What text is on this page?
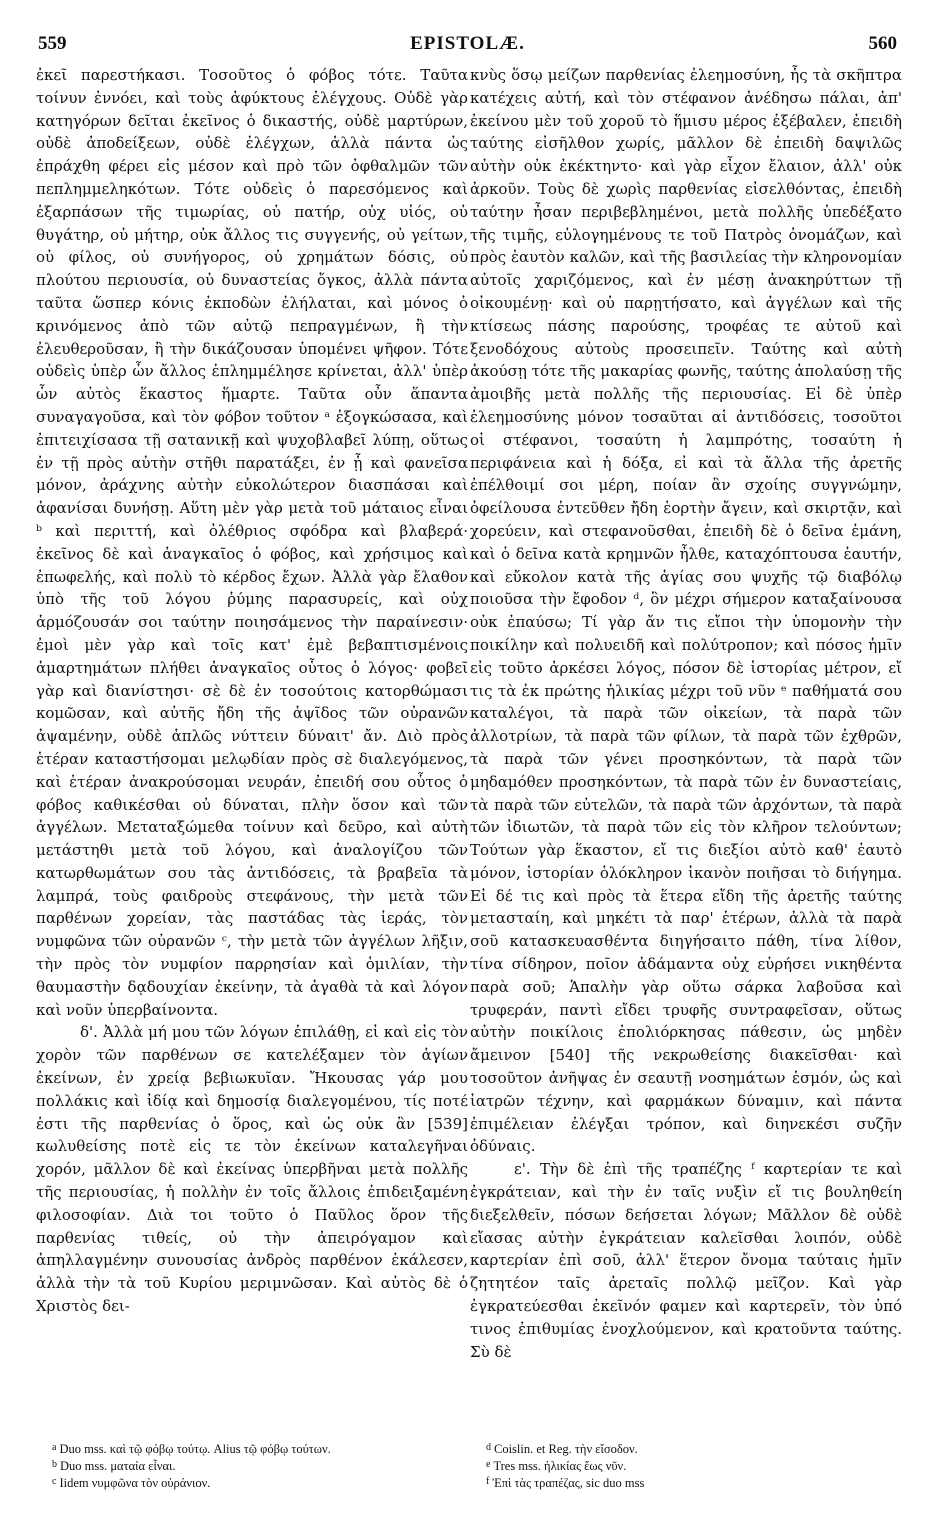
559	EPISTOLÆ.	560

ἐκεῖ παρεστήκασι. Τοσοῦτος ὁ φόβος τότε. Ταῦτα τοίνυν ἐννόει, καὶ τοὺς ἀφύκτους ἐλέγχους. Οὐδὲ γὰρ κατηγόρων δεῖται ἐκεῖνος ὁ δικαστής, οὐδὲ μαρτύρων, οὐδὲ ἀποδείξεων, οὐδὲ ἐλέγχων, ἀλλὰ πάντα ὡς ἐπράχθη φέρει εἰς μέσον καὶ πρὸ τῶν ὀφθαλμῶν τῶν πεπλημμεληκότων. Τότε οὐδεὶς ὁ παρεσόμενος καὶ ἐξαρπάσων τῆς τιμωρίας, οὐ πατήρ, οὐχ υἱός, οὐ θυγάτηρ, οὐ μήτηρ, οὐκ ἄλλος τις συγγενής, οὐ γείτων, οὐ φίλος, οὐ συνήγορος, οὐ χρημάτων δόσις, οὐ πλούτου περιουσία, οὐ δυναστείας ὄγκος, ἀλλὰ πάντα ταῦτα ὥσπερ κόνις ἐκποδὼν ἐλήλαται, καὶ μόνος ὁ κρινόμενος ἀπὸ τῶν αὐτῷ πεπραγμένων, ἢ τὴν ἐλευθεροῦσαν, ἢ τὴν δικάζουσαν ὑπομένει ψῆφον. Τότε οὐδεὶς ὑπὲρ ὧν ἄλλος ἐπλημμέλησε κρίνεται, ἀλλ' ὑπὲρ ὧν αὐτὸς ἕκαστος ἥμαρτε. Ταῦτα οὖν ἅπαντα συναγαγοῦσα, καὶ τὸν φόβον τοῦτον ᵃ ἐξογκώσασα, καὶ ἐπιτειχίσασα τῇ σατανικῇ καὶ ψυχοβλαβεῖ λύπῃ, οὕτως ἐν τῇ πρὸς αὐτὴν στῆθι παρατάξει, ἐν ᾗ καὶ φανεῖσα μόνον, ἀράχνης αὐτὴν εὐκολώτερον διασπάσαι καὶ ἀφανίσαι δυνήσῃ. Αὕτη μὲν γὰρ μετὰ τοῦ μάταιος εἶναι ᵇ καὶ περιττή, καὶ ὀλέθριος σφόδρα καὶ βλαβερά· ἐκεῖνος δὲ καὶ ἀναγκαῖος ὁ φόβος, καὶ χρήσιμος καὶ ἐπωφελής, καὶ πολὺ τὸ κέρδος ἔχων. Ἀλλὰ γὰρ ἔλαθον ὑπὸ τῆς τοῦ λόγου ῥύμης παρασυρείς, καὶ οὐχ ἁρμόζουσάν σοι ταύτην ποιησάμενος τὴν παραίνεσιν· ἐμοὶ μὲν γὰρ καὶ τοῖς κατ' ἐμὲ βεβαπτισμένοις ἁμαρτημάτων πλήθει ἀναγκαῖος οὗτος ὁ λόγος· φοβεῖ γὰρ καὶ διανίστησι· σὲ δὲ ἐν τοσούτοις κατορθώμασι κομῶσαν, καὶ αὐτῆς ἤδη τῆς ἁψῖδος τῶν οὐρανῶν ἀψαμένην, οὐδὲ ἁπλῶς νύττειν δύναιτ' ἄν. Διὸ πρὸς ἑτέραν καταστήσομαι μελῳδίαν πρὸς σὲ διαλεγόμενος, καὶ ἑτέραν ἀνακρούσομαι νευράν, ἐπειδή σου οὗτος ὁ φόβος καθικέσθαι οὐ δύναται, πλὴν ὅσον καὶ τῶν ἀγγέλων. Μεταταξώμεθα τοίνυν καὶ δεῦρο, καὶ αὐτὴ μετάστηθι μετὰ τοῦ λόγου, καὶ ἀναλογίζου τῶν κατωρθωμάτων σου τὰς ἀντιδόσεις, τὰ βραβεῖα τὰ λαμπρά, τοὺς φαιδροὺς στεφάνους, τὴν μετὰ τῶν παρθένων χορείαν, τὰς παστάδας τὰς ἱεράς, τὸν νυμφῶνα τῶν οὐρανῶν ᶜ, τὴν μετὰ τῶν ἀγγέλων λῆξιν, τὴν πρὸς τὸν νυμφίον παρρησίαν καὶ ὁμιλίαν, τὴν θαυμαστὴν δᾳδουχίαν ἐκείνην, τὰ ἀγαθὰ τὰ καὶ λόγον καὶ νοῦν ὑπερβαίνοντα.

δ'. Ἀλλὰ μή μου τῶν λόγων ἐπιλάθῃ, εἰ καὶ εἰς τὸν χορὸν τῶν παρθένων σε κατελέξαμεν τὸν ἁγίων ἐκείνων, ἐν χρείᾳ βεβιωκυῖαν. Ἤκουσας γάρ μου πολλάκις καὶ ἰδίᾳ καὶ δημοσίᾳ διαλεγομένου, τίς ποτέ ἐστι τῆς παρθενίας ὁ ὅρος, καὶ ὡς οὐκ ἂν [539] κωλυθείσης ποτὲ εἰς τε τὸν ἐκείνων καταλεγῆναι χορόν, μᾶλλον δὲ καὶ ἐκείνας ὑπερβῆναι μετὰ πολλῆς τῆς περιουσίας, ἡ πολλὴν ἐν τοῖς ἄλλοις ἐπιδειξαμένη φιλοσοφίαν. Διὰ τοι τοῦτο ὁ Παῦλος ὅρον τῆς παρθενίας τιθείς, οὐ τὴν ἀπειρόγαμον καὶ ἀπηλλαγμένην συνουσίας ἀνδρὸς παρθένον ἐκάλεσεν, ἀλλὰ τὴν τὰ τοῦ Κυρίου μεριμνῶσαν. Καὶ αὐτὸς δὲ ὁ Χριστὸς δει-

κνὺς ὅσῳ μείζων παρθενίας ἐλεημοσύνη, ἧς τὰ σκῆπτρα κατέχεις αὐτή, καὶ τὸν στέφανον ἀνέδησω πάλαι, ἀπ' ἐκείνου μὲν τοῦ χοροῦ τὸ ἥμισυ μέρος ἐξέβαλεν, ἐπειδὴ ταύτης εἰσῆλθον χωρίς, μᾶλλον δὲ ἐπειδὴ δαψιλῶς αὐτὴν οὐκ ἐκέκτηντο· καὶ γὰρ εἶχον ἔλαιον, ἀλλ' οὐκ ἀρκοῦν. Τοὺς δὲ χωρὶς παρθενίας εἰσελθόντας, ἐπειδὴ ταύτην ἦσαν περιβεβλημένοι, μετὰ πολλῆς ὑπεδέξατο τῆς τιμῆς, εὐλογημένους τε τοῦ Πατρὸς ὀνομάζων, καὶ πρὸς ἑαυτὸν καλῶν, καὶ τῆς βασιλείας τὴν κληρονομίαν αὐτοῖς χαριζόμενος, καὶ ἐν μέσῃ ἀνακηρύττων τῇ οἰκουμένῃ· καὶ οὐ παρῃτήσατο, καὶ ἀγγέλων καὶ τῆς κτίσεως πάσης παρούσης, τροφέας τε αὐτοῦ καὶ ξενοδόχους αὐτοὺς προσειπεῖν. Ταύτης καὶ αὐτὴ ἀκούσῃ τότε τῆς μακαρίας φωνῆς, ταύτης ἀπολαύσῃ τῆς ἀμοιβῆς μετὰ πολλῆς τῆς περιουσίας. Εἰ δὲ ὑπὲρ ἐλεημοσύνης μόνον τοσαῦται αἱ ἀντιδόσεις, τοσοῦτοι οἱ στέφανοι, τοσαύτη ἡ λαμπρότης, τοσαύτη ἡ περιφάνεια καὶ ἡ δόξα, εἰ καὶ τὰ ἄλλα τῆς ἀρετῆς ἐπέλθοιμί σοι μέρη, ποίαν ἂν σχοίης συγγνώμην, ὀφείλουσα ἐντεῦθεν ἤδη ἑορτὴν ἄγειν, καὶ σκιρτᾷν, καὶ χορεύειν, καὶ στεφανοῦσθαι, ἐπειδὴ δὲ ὁ δεῖνα ἐμάνη, καὶ ὁ δεῖνα κατὰ κρημνῶν ἦλθε, καταχόπτουσα ἑαυτήν, καὶ εὔκολον κατὰ τῆς ἁγίας σου ψυχῆς τῷ διαβόλῳ ποιοῦσα τὴν ἔφοδον ᵈ, ὃν μέχρι σήμερον καταξαίνουσα οὐκ ἐπαύσω; Τί γὰρ ἄν τις εἴποι τὴν ὑπομονὴν τὴν ποικίλην καὶ πολυειδῆ καὶ πολύτροπον; καὶ πόσος ἡμῖν εἰς τοῦτο ἀρκέσει λόγος, πόσον δὲ ἱστορίας μέτρον, εἴ τις τὰ ἐκ πρώτης ἡλικίας μέχρι τοῦ νῦν ᵉ παθήματά σου καταλέγοι, τὰ παρὰ τῶν οἰκείων, τὰ παρὰ τῶν ἀλλοτρίων, τὰ παρὰ τῶν φίλων, τὰ παρὰ τῶν ἐχθρῶν, τὰ παρὰ τῶν γένει προσηκόντων, τὰ παρὰ τῶν μηδαμόθεν προσηκόντων, τὰ παρὰ τῶν ἐν δυναστείαις, τὰ παρὰ τῶν εὐτελῶν, τὰ παρὰ τῶν ἀρχόντων, τὰ παρὰ τῶν ἰδιωτῶν, τὰ παρὰ τῶν εἰς τὸν κλῆρον τελούντων; Τούτων γὰρ ἕκαστον, εἴ τις διεξίοι αὐτὸ καθ' ἑαυτὸ μόνον, ἱστορίαν ὁλόκληρον ἱκανὸν ποιῆσαι τὸ διήγημα. Εἰ δέ τις καὶ πρὸς τὰ ἕτερα εἴδη τῆς ἀρετῆς ταύτης μετασταίη, καὶ μηκέτι τὰ παρ' ἑτέρων, ἀλλὰ τὰ παρὰ σοῦ κατασκευασθέντα διηγήσαιτο πάθη, τίνα λίθον, τίνα σίδηρον, ποῖον ἀδάμαντα οὐχ εὑρήσει νικηθέντα παρὰ σοῦ; Ἁπαλὴν γὰρ οὕτω σάρκα λαβοῦσα καὶ τρυφεράν, παντὶ εἴδει τρυφῆς συντραφεῖσαν, οὕτως αὐτὴν ποικίλοις ἐπολιόρκησας πάθεσιν, ὡς μηδὲν ἄμεινον [540] τῆς νεκρωθείσης διακεῖσθαι· καὶ τοσοῦτον ἀνῆψας ἐν σεαυτῇ νοσημάτων ἑσμόν, ὡς καὶ ἰατρῶν τέχνην, καὶ φαρμάκων δύναμιν, καὶ πάντα ἐπιμέλειαν ἐλέγξαι τρόπον, καὶ διηνεκέσι συζῆν ὀδύναις.

ε'. Τὴν δὲ ἐπὶ τῆς τραπέζης ᶠ καρτερίαν τε καὶ ἐγκράτειαν, καὶ τὴν ἐν ταῖς νυξὶν εἴ τις βουληθείη διεξελθεῖν, πόσων δεήσεται λόγων; Μᾶλλον δὲ οὐδὲ εἴασας αὐτὴν ἐγκράτειαν καλεῖσθαι λοιπόν, οὐδὲ καρτερίαν ἐπὶ σοῦ, ἀλλ' ἕτερον ὄνομα ταύταις ἡμῖν ζητητέον ταῖς ἀρεταῖς πολλῷ μεῖζον. Καὶ γὰρ ἐγκρατεύεσθαι ἐκεῖνόν φαμεν καὶ καρτερεῖν, τὸν ὑπό τινος ἐπιθυμίας ἐνοχλούμενον, καὶ κρατοῦντα ταύτης. Σὺ δὲ

$^a$ Duo mss. καὶ τῷ φόβῳ τούτῳ. Alius τῷ φόβῳ τούτων.
$^b$ Duo mss. ματαία εἶναι.
$^c$ Iidem νυμφῶνα τὸν οὐράνιον.
$^d$ Coislin. et Reg. τὴν εἴσοδον.
$^e$ Tres mss. ἡλικίας ἕως νῦν.
$^f$ Ἐπὶ τὰς τραπέζας, sic duo mss
